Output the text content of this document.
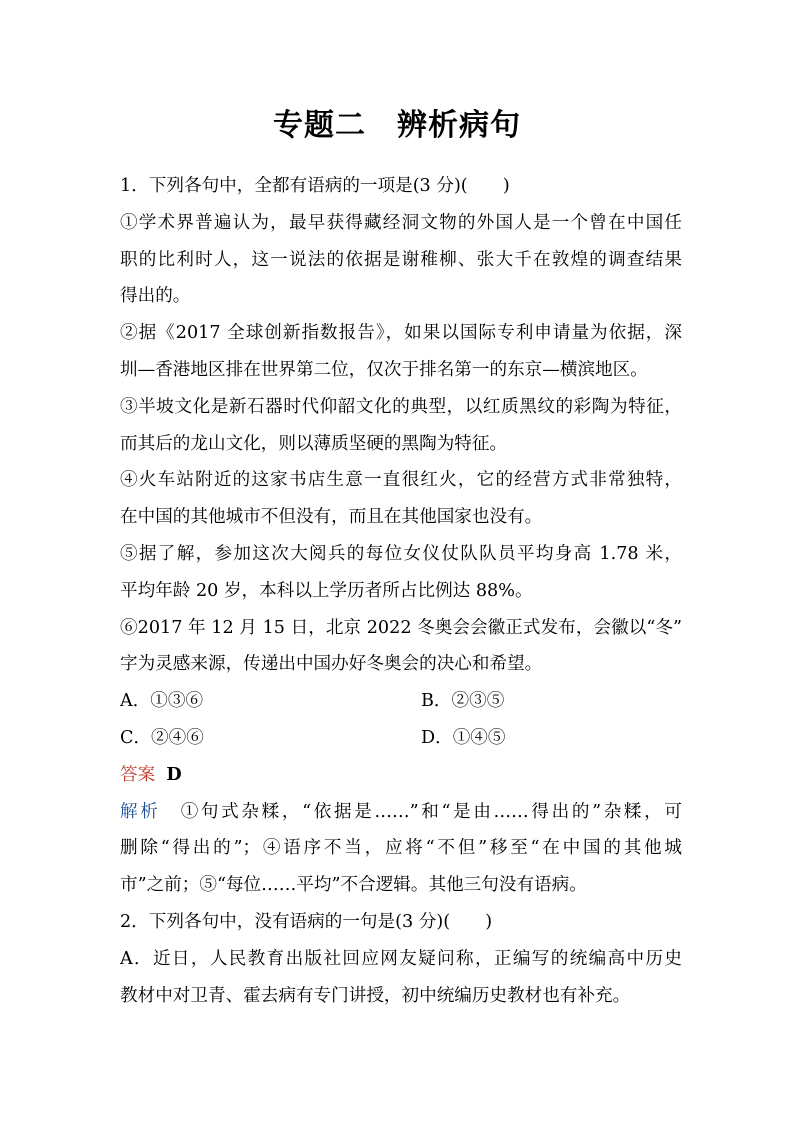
专题二　辨析病句
1．下列各句中，全都有语病的一项是(3 分)(　　)
①学术界普遍认为，最早获得藏经洞文物的外国人是一个曾在中国任
职的比利时人，这一说法的依据是谢稚柳、张大千在敦煌的调查结果
得出的。
②据《2017 全球创新指数报告》，如果以国际专利申请量为依据，深
圳—香港地区排在世界第二位，仅次于排名第一的东京—横滨地区。
③半坡文化是新石器时代仰韶文化的典型，以红质黑纹的彩陶为特征，
而其后的龙山文化，则以薄质坚硬的黑陶为特征。
④火车站附近的这家书店生意一直很红火，它的经营方式非常独特，
在中国的其他城市不但没有，而且在其他国家也没有。
⑤据了解，参加这次大阅兵的每位女仪仗队队员平均身高 1.78 米，
平均年龄 20 岁，本科以上学历者所占比例达 88%。
⑥2017 年 12 月 15 日，北京 2022 冬奥会会徽正式发布，会徽以“冬”
字为灵感来源，传递出中国办好冬奥会的决心和希望。
A．①③⑥	B．②③⑤
C．②④⑥	D．①④⑤
答案 D
解析　①句式杂糅，“依据是……”和“是由……得出的”杂糅，可
删除“得出的”；④语序不当，应将“不但”移至“在中国的其他城
市”之前；⑤“每位……平均”不合逻辑。其他三句没有语病。
2．下列各句中，没有语病的一句是(3 分)(　　)
A．近日，人民教育出版社回应网友疑问称，正编写的统编高中历史
教材中对卫青、霍去病有专门讲授，初中统编历史教材也有补充。
